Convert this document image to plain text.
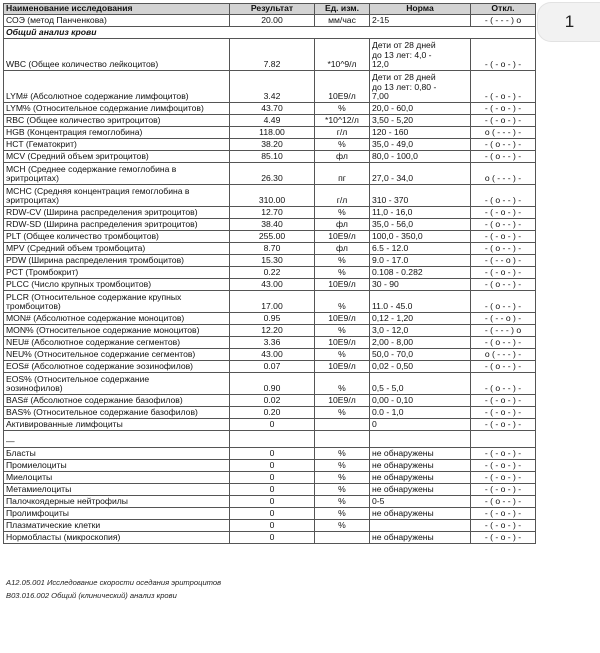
Наименование исследования	Результат	Ед. изм.	Норма	Откл.
СОЭ (метод Панченкова)	20.00	мм/час	2-15	- ( - - - ) о
Общий анализ крови				
WBC (Общее количество лейкоцитов)	7.82	*10^9/л	Дети от 28 дней
до 13 лет: 4,0 -
12,0	- ( - о - ) -
LYM# (Абсолютное содержание лимфоцитов)	3.42	10Е9/л	Дети от 28 дней
до 13 лет: 0,80 -
7,00	- ( - о - ) -
LYM% (Относительное содержание лимфоцитов)	43.70	%	20,0 - 60,0	- ( - о - ) -
RBC (Общее количество эритроцитов)	4.49	*10^12/л	3,50 - 5,20	- ( - о - ) -
HGB (Концентрация гемоглобина)	118.00	г/л	120 - 160	о ( - - - ) -
HCT (Гематокрит)	38.20	%	35,0 - 49,0	- ( о - - ) -
MCV (Средний объем эритроцитов)	85.10	фл	80,0 - 100,0	- ( о - - ) -
MCH (Среднее содержание гемоглобина в
эритроцитах)	26.30	пг	27,0 - 34,0	о ( - - - ) -
MCHC (Средняя концентрация гемоглобина в
эритроцитах)	310.00	г/л	310 - 370	- ( о - - ) -
RDW-CV (Ширина распределения эритроцитов)	12.70	%	11,0 - 16,0	- ( - о - ) -
RDW-SD (Ширина распределения эритроцитов)	38.40	фл	35,0 - 56,0	- ( о - - ) -
PLT (Общее количество тромбоцитов)	255.00	10Е9/л	100,0 - 350,0	- ( - о - ) -
MPV (Средний объем тромбоцита)	8.70	фл	6.5 - 12.0	- ( о - - ) -
PDW (Ширина распределения тромбоцитов)	15.30	%	9.0 - 17.0	- ( - - о ) -
PCT (Тромбокрит)	0.22	%	0.108 - 0.282	- ( - о - ) -
PLCC (Число крупных тромбоцитов)	43.00	10Е9/л	30 - 90	- ( о - - ) -
PLCR (Относительное содержание крупных
тромбоцитов)	17.00	%	11.0 - 45.0	- ( о - - ) -
MON# (Абсолютное содержание моноцитов)	0.95	10Е9/л	0,12 - 1,20	- ( - - о ) -
MON% (Относительное содержание моноцитов)	12.20	%	3,0 - 12,0	- ( - - - ) о
NEU# (Абсолютное содержание сегментов)	3.36	10Е9/л	2,00 - 8,00	- ( о - - ) -
NEU% (Относительное содержание сегментов)	43.00	%	50,0 - 70,0	о ( - - - ) -
EOS# (Абсолютное содержание эозинофилов)	0.07	10Е9/л	0,02 - 0,50	- ( о - - ) -
EOS% (Относительное содержание
эозинофилов)	0.90	%	0,5 - 5,0	- ( о - - ) -
BAS# (Абсолютное содержание базофилов)	0.02	10Е9/л	0,00 - 0,10	- ( - о - ) -
BAS% (Относительное содержание базофилов)	0.20	%	0.0 - 1,0	- ( - о - ) -
Активированные лимфоциты	0		0	- ( - о - ) -
—				
Бласты	0	%	не обнаружены	- ( - о - ) -
Промиелоциты	0	%	не обнаружены	- ( - о - ) -
Миелоциты	0	%	не обнаружены	- ( - о - ) -
Метамиелоциты	0	%	не обнаружены	- ( - о - ) -
Палочкоядерные нейтрофилы	0	%	0-5	- ( о - - ) -
Пролимфоциты	0	%	не обнаружены	- ( - о - ) -
Плазматические клетки	0	%		- ( - о - ) -
Нормобласты (микроскопия)	0		не обнаружены	- ( - о - ) -
A12.05.001 Исследование скорости оседания эритроцитов
B03.016.002 Общий (клинический) анализ крови
1
